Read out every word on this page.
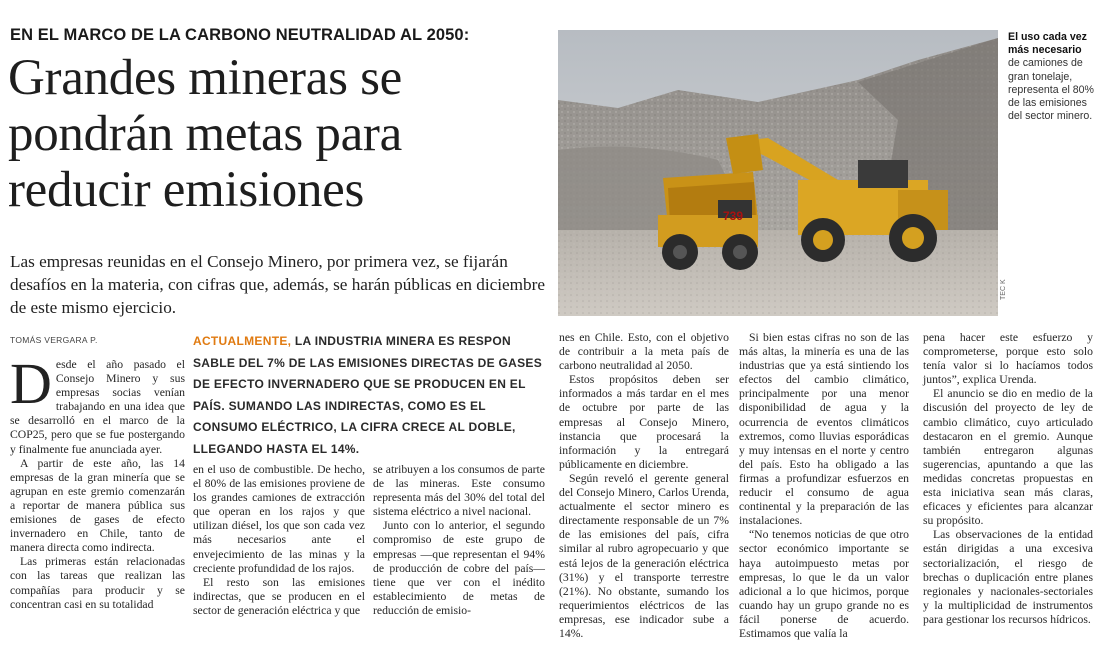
EN EL MARCO DE LA CARBONO NEUTRALIDAD AL 2050:
Grandes mineras se pondrán metas para reducir emisiones

Las empresas reunidas en el Consejo Minero, por primera vez, se fijarán desafíos en la materia, con cifras que, además, se harán públicas en diciembre de este mismo ejercicio.

739
TEC K
El uso cada vez más necesario de camiones de gran tonelaje, representa el 80% de las emisiones del sector minero.
TOMÁS VERGARA P.	ACTUALMENTE, LA INDUSTRIA MINERA ES RESPON SABLE DEL 7% DE LAS EMISIONES DIRECTAS DE GASES DE EFECTO INVERNADERO QUE SE PRODUCEN EN EL PAÍS. SUMANDO LAS INDIRECTAS, COMO ES EL CONSUMO ELÉCTRICO, LA CIFRA CRECE AL DOBLE, LLEGANDO HASTA EL 14%.

Desde el año pasado el Consejo Minero y sus empresas socias venían trabajando en una idea que se desarrolló en el marco de la COP25, pero que se fue postergando y finalmente fue anunciada ayer.

A partir de este año, las 14 empresas de la gran minería que se agrupan en este gremio comenzarán a reportar de manera pública sus emisiones de gases de efecto invernadero en Chile, tanto de manera directa como indirecta.

Las primeras están relacionadas con las tareas que realizan las compañías para producir y se concentran casi en su totalidad

en el uso de combustible. De hecho, el 80% de las emisiones proviene de los grandes camiones de extracción que operan en los rajos y que utilizan diésel, los que son cada vez más necesarios ante el envejecimiento de las minas y la creciente profundidad de los rajos.

El resto son las emisiones indirectas, que se producen en el sector de generación eléctrica y que

se atribuyen a los consumos de parte de las mineras. Este consumo representa más del 30% del total del sistema eléctrico a nivel nacional.

Junto con lo anterior, el segundo compromiso de este grupo de empresas —que representan el 94% de producción de cobre del país— tiene que ver con el inédito establecimiento de metas de reducción de emisio-

nes en Chile. Esto, con el objetivo de contribuir a la meta país de carbono neutralidad al 2050.

Estos propósitos deben ser informados a más tardar en el mes de octubre por parte de las empresas al Consejo Minero, instancia que procesará la información y la entregará públicamente en diciembre.

Según reveló el gerente general del Consejo Minero, Carlos Urenda, actualmente el sector minero es directamente responsable de un 7% de las emisiones del país, cifra similar al rubro agropecuario y que está lejos de la generación eléctrica (31%) y el transporte terrestre (21%). No obstante, sumando los requerimientos eléctricos de las empresas, ese indicador sube a 14%.

Si bien estas cifras no son de las más altas, la minería es una de las industrias que ya está sintiendo los efectos del cambio climático, principalmente por una menor disponibilidad de agua y la ocurrencia de eventos climáticos extremos, como lluvias esporádicas y muy intensas en el norte y centro del país. Esto ha obligado a las firmas a profundizar esfuerzos en reducir el consumo de agua continental y la preparación de las instalaciones.

“No tenemos noticias de que otro sector económico importante se haya autoimpuesto metas por empresas, lo que le da un valor adicional a lo que hicimos, porque cuando hay un grupo grande no es fácil ponerse de acuerdo. Estimamos que valía la

pena hacer este esfuerzo y comprometerse, porque esto solo tenía valor si lo hacíamos todos juntos”, explica Urenda.

El anuncio se dio en medio de la discusión del proyecto de ley de cambio climático, cuyo articulado destacaron en el gremio. Aunque también entregaron algunas sugerencias, apuntando a que las medidas concretas propuestas en esta iniciativa sean más claras, eficaces y eficientes para alcanzar su propósito.

Las observaciones de la entidad están dirigidas a una excesiva sectorialización, el riesgo de brechas o duplicación entre planes regionales y nacionales-sectoriales y la multiplicidad de instrumentos para gestionar los recursos hídricos.
